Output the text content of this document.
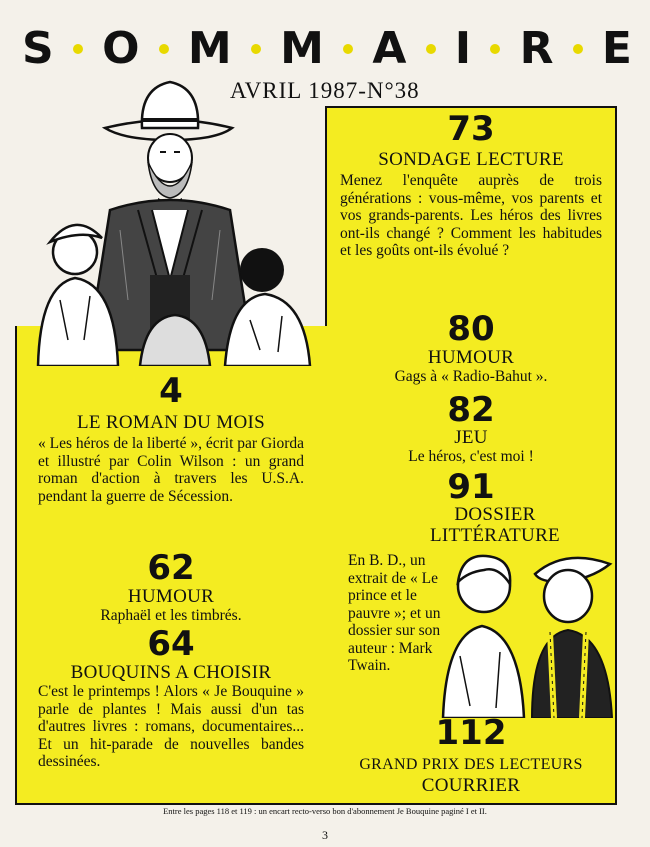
S O M M A I R E
AVRIL 1987-N°38
73
SONDAGE LECTURE
Menez l'enquête auprès de trois générations : vous-même, vos parents et vos grands-parents. Les héros des livres ont-ils changé ? Comment les habitudes et les goûts ont-ils évolué ?
80
HUMOUR
Gags à « Radio-Bahut ».
82
JEU
Le héros, c'est moi !
91
DOSSIER LITTÉRATURE
En B. D., un extrait de « Le prince et le pauvre »; et un dossier sur son auteur : Mark Twain.
112
GRAND PRIX DES LECTEURS
COURRIER
4
LE ROMAN DU MOIS
« Les héros de la liberté », écrit par Giorda et illustré par Colin Wilson : un grand roman d'action à travers les U.S.A. pendant la guerre de Sécession.
62
HUMOUR
Raphaël et les timbrés.
64
BOUQUINS A CHOISIR
C'est le printemps ! Alors « Je Bouquine » parle de plantes ! Mais aussi d'un tas d'autres livres : romans, documentaires... Et un hit-parade de nouvelles bandes dessinées.
Entre les pages 118 et 119 : un encart recto-verso bon d'abonnement Je Bouquine paginé I et II.
3
